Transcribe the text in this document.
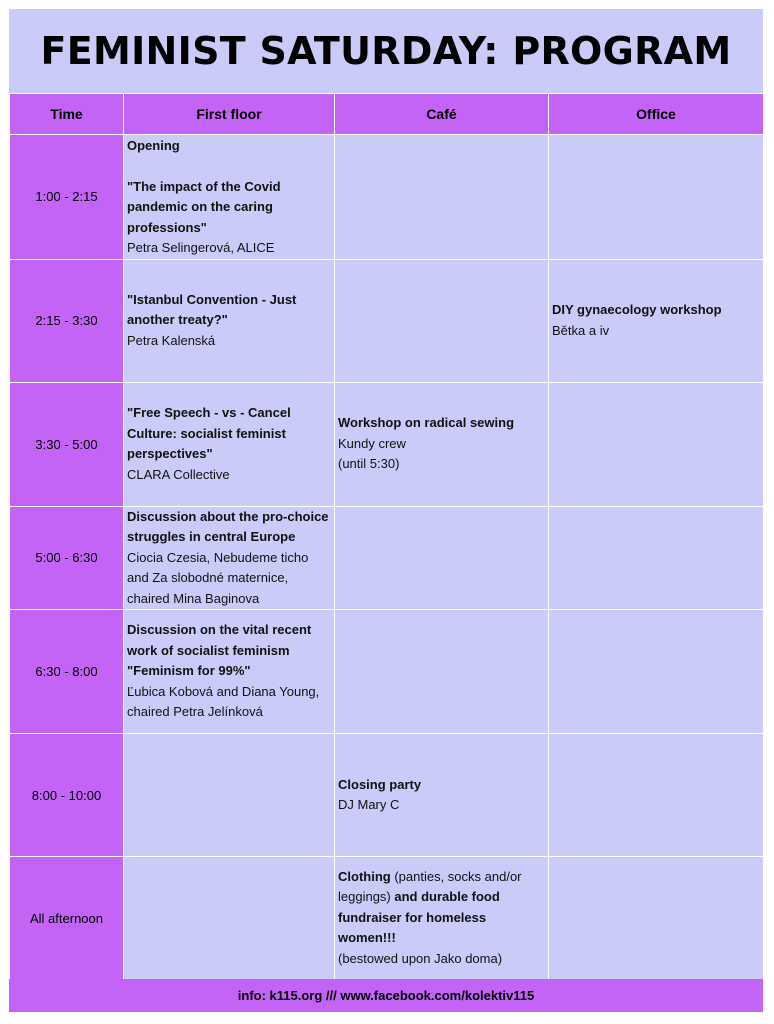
FEMINIST SATURDAY: PROGRAM
Time	First floor	Café	Office
1:00 - 2:15	Opening
"The impact of the Covid pandemic on the caring professions"
Petra Selingerová, ALICE		

2:15 - 3:30	"Istanbul Convention - Just another treaty?"
Petra Kalenská		DIY gynaecology workshop
Bětka a iv

3:30 - 5:00	"Free Speech - vs - Cancel Culture: socialist feminist perspectives"
CLARA Collective	Workshop on radical sewing
Kundy crew
(until 5:30)	

5:00 - 6:30	Discussion about the pro-choice struggles in central Europe
Ciocia Czesia, Nebudeme ticho and Za slobodné maternice,
chaired Mina Baginova		

6:30 - 8:00	Discussion on the vital recent work of socialist feminism
"Feminism for 99%"
Ľubica Kobová and Diana Young,
chaired Petra Jelínková		

8:00 - 10:00		Closing party
DJ Mary C	

All afternoon		Clothing (panties, socks and/or leggings) and durable food fundraiser for homeless women!!!
(bestowed upon Jako doma)	

info: k115.org /// www.facebook.com/kolektiv115
